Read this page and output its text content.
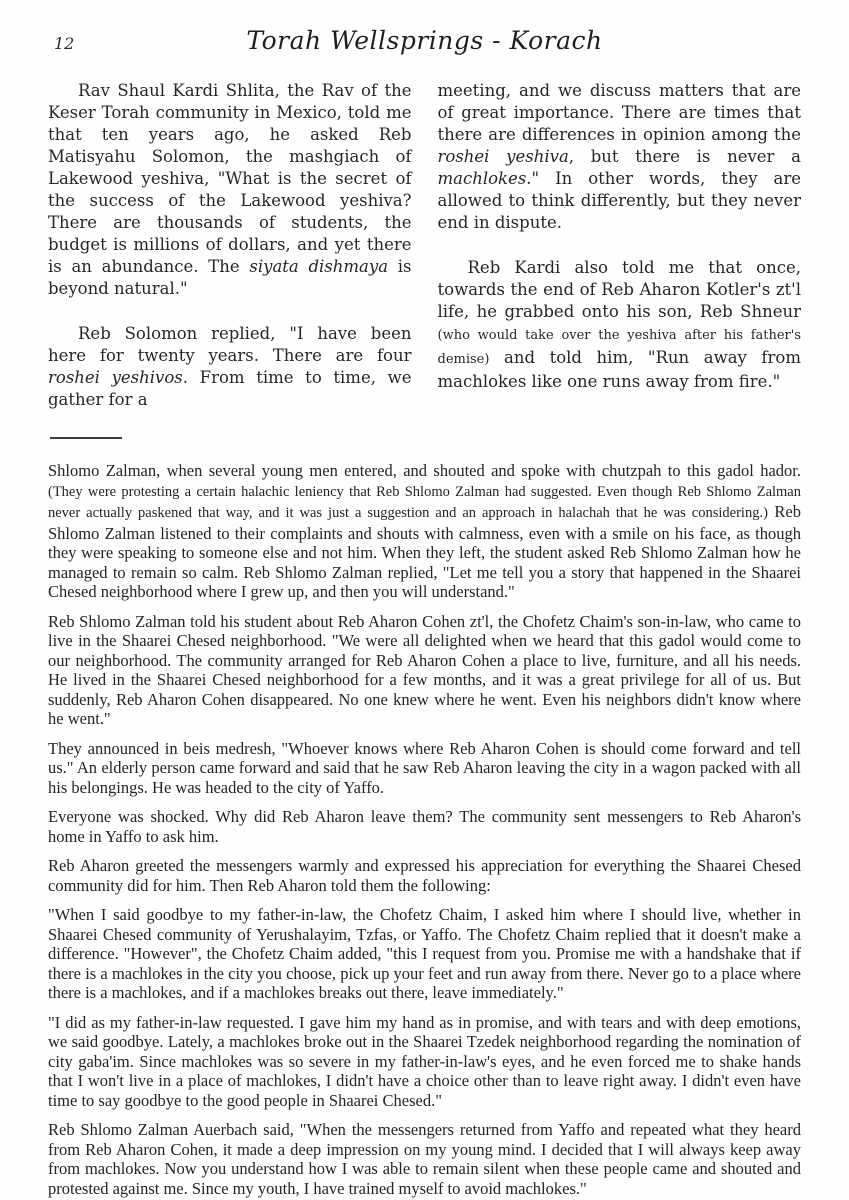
12	Torah Wellsprings - Korach

Rav Shaul Kardi Shlita, the Rav of the Keser Torah community in Mexico, told me that ten years ago, he asked Reb Matisyahu Solomon, the mashgiach of Lakewood yeshiva, "What is the secret of the success of the Lakewood yeshiva? There are thousands of students, the budget is millions of dollars, and yet there is an abundance. The siyata dishmaya is beyond natural."

Reb Solomon replied, "I have been here for twenty years. There are four roshei yeshivos. From time to time, we gather for a

meeting, and we discuss matters that are of great importance. There are times that there are differences in opinion among the roshei yeshiva, but there is never a machlokes." In other words, they are allowed to think differently, but they never end in dispute.

Reb Kardi also told me that once, towards the end of Reb Aharon Kotler's zt'l life, he grabbed onto his son, Reb Shneur (who would take over the yeshiva after his father's demise) and told him, "Run away from machlokes like one runs away from fire."

Shlomo Zalman, when several young men entered, and shouted and spoke with chutzpah to this gadol hador. (They were protesting a certain halachic leniency that Reb Shlomo Zalman had suggested. Even though Reb Shlomo Zalman never actually paskened that way, and it was just a suggestion and an approach in halachah that he was considering.) Reb Shlomo Zalman listened to their complaints and shouts with calmness, even with a smile on his face, as though they were speaking to someone else and not him. When they left, the student asked Reb Shlomo Zalman how he managed to remain so calm. Reb Shlomo Zalman replied, "Let me tell you a story that happened in the Shaarei Chesed neighborhood where I grew up, and then you will understand."

Reb Shlomo Zalman told his student about Reb Aharon Cohen zt'l, the Chofetz Chaim's son-in-law, who came to live in the Shaarei Chesed neighborhood. "We were all delighted when we heard that this gadol would come to our neighborhood. The community arranged for Reb Aharon Cohen a place to live, furniture, and all his needs. He lived in the Shaarei Chesed neighborhood for a few months, and it was a great privilege for all of us. But suddenly, Reb Aharon Cohen disappeared. No one knew where he went. Even his neighbors didn't know where he went."

They announced in beis medresh, "Whoever knows where Reb Aharon Cohen is should come forward and tell us." An elderly person came forward and said that he saw Reb Aharon leaving the city in a wagon packed with all his belongings. He was headed to the city of Yaffo.

Everyone was shocked. Why did Reb Aharon leave them? The community sent messengers to Reb Aharon's home in Yaffo to ask him.

Reb Aharon greeted the messengers warmly and expressed his appreciation for everything the Shaarei Chesed community did for him. Then Reb Aharon told them the following:

"When I said goodbye to my father-in-law, the Chofetz Chaim, I asked him where I should live, whether in Shaarei Chesed community of Yerushalayim, Tzfas, or Yaffo. The Chofetz Chaim replied that it doesn't make a difference. "However", the Chofetz Chaim added, "this I request from you. Promise me with a handshake that if there is a machlokes in the city you choose, pick up your feet and run away from there. Never go to a place where there is a machlokes, and if a machlokes breaks out there, leave immediately."

"I did as my father-in-law requested. I gave him my hand as in promise, and with tears and with deep emotions, we said goodbye. Lately, a machlokes broke out in the Shaarei Tzedek neighborhood regarding the nomination of city gaba'im. Since machlokes was so severe in my father-in-law's eyes, and he even forced me to shake hands that I won't live in a place of machlokes, I didn't have a choice other than to leave right away. I didn't even have time to say goodbye to the good people in Shaarei Chesed."

Reb Shlomo Zalman Auerbach said, "When the messengers returned from Yaffo and repeated what they heard from Reb Aharon Cohen, it made a deep impression on my young mind. I decided that I will always keep away from machlokes. Now you understand how I was able to remain silent when these people came and shouted and protested against me. Since my youth, I have trained myself to avoid machlokes."
